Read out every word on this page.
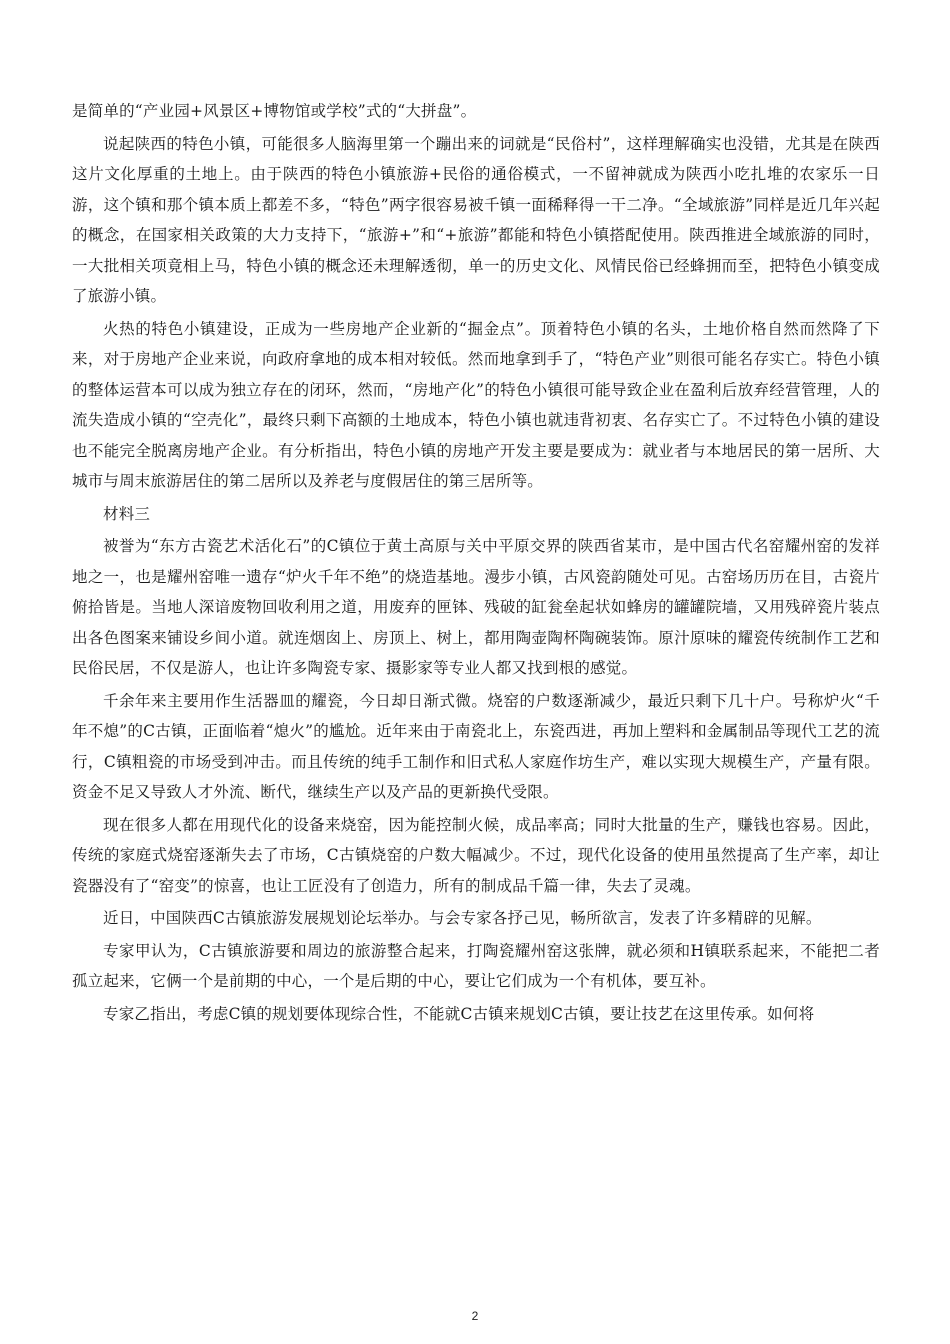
是简单的“产业园+风景区+博物馆或学校”式的“大拼盘”。

说起陕西的特色小镇，可能很多人脑海里第一个蹦出来的词就是“民俗村”，这样理解确实也没错，尤其是在陕西这片文化厚重的土地上。由于陕西的特色小镇旅游+民俗的通俗模式，一不留神就成为陕西小吃扎堆的农家乐一日游，这个镇和那个镇本质上都差不多，“特色”两字很容易被千镇一面稀释得一干二净。“全域旅游”同样是近几年兴起的概念，在国家相关政策的大力支持下，“旅游+”和“+旅游”都能和特色小镇搭配使用。陕西推进全域旅游的同时，一大批相关项竟相上马，特色小镇的概念还未理解透彻，单一的历史文化、风情民俗已经蜂拥而至，把特色小镇变成了旅游小镇。

火热的特色小镇建设，正成为一些房地产企业新的“掘金点”。顶着特色小镇的名头，土地价格自然而然降了下来，对于房地产企业来说，向政府拿地的成本相对较低。然而地拿到手了，“特色产业”则很可能名存实亡。特色小镇的整体运营本可以成为独立存在的闭环，然而，“房地产化”的特色小镇很可能导致企业在盈利后放弃经营管理，人的流失造成小镇的“空壳化”，最终只剩下高额的土地成本，特色小镇也就违背初衷、名存实亡了。不过特色小镇的建设也不能完全脱离房地产企业。有分析指出，特色小镇的房地产开发主要是要成为：就业者与本地居民的第一居所、大城市与周末旅游居住的第二居所以及养老与度假居住的第三居所等。

材料三

被誉为“东方古瓷艺术活化石”的C镇位于黄土高原与关中平原交界的陕西省某市，是中国古代名窑耀州窑的发祥地之一，也是耀州窑唯一遗存“炉火千年不绝”的烧造基地。漫步小镇，古风瓷韵随处可见。古窑场历历在目，古瓷片俯拾皆是。当地人深谙废物回收利用之道，用废弃的匣钵、残破的缸瓮垒起状如蜂房的罐罐院墙，又用残碎瓷片装点出各色图案来铺设乡间小道。就连烟囱上、房顶上、树上，都用陶壶陶杯陶碗装饰。原汁原味的耀瓷传统制作工艺和民俗民居，不仅是游人，也让许多陶瓷专家、摄影家等专业人都又找到根的感觉。

千余年来主要用作生活器皿的耀瓷，今日却日渐式微。烧窑的户数逐渐减少，最近只剩下几十户。号称炉火“千年不熄”的C古镇，正面临着“熄火”的尴尬。近年来由于南瓷北上，东瓷西进，再加上塑料和金属制品等现代工艺的流行，C镇粗瓷的市场受到冲击。而且传统的纯手工制作和旧式私人家庭作坊生产，难以实现大规模生产，产量有限。资金不足又导致人才外流、断代，继续生产以及产品的更新换代受限。

现在很多人都在用现代化的设备来烧窑，因为能控制火候，成品率高；同时大批量的生产，赚钱也容易。因此，传统的家庭式烧窑逐渐失去了市场，C古镇烧窑的户数大幅减少。不过，现代化设备的使用虽然提高了生产率，却让瓷器没有了“窑变”的惊喜，也让工匠没有了创造力，所有的制成品千篇一律，失去了灵魂。

近日，中国陕西C古镇旅游发展规划论坛举办。与会专家各抒己见，畅所欲言，发表了许多精辟的见解。

专家甲认为，C古镇旅游要和周边的旅游整合起来，打陶瓷耀州窑这张牌，就必须和H镇联系起来，不能把二者孤立起来，它俩一个是前期的中心，一个是后期的中心，要让它们成为一个有机体，要互补。

专家乙指出，考虑C镇的规划要体现综合性，不能就C古镇来规划C古镇，要让技艺在这里传承。如何将

2
